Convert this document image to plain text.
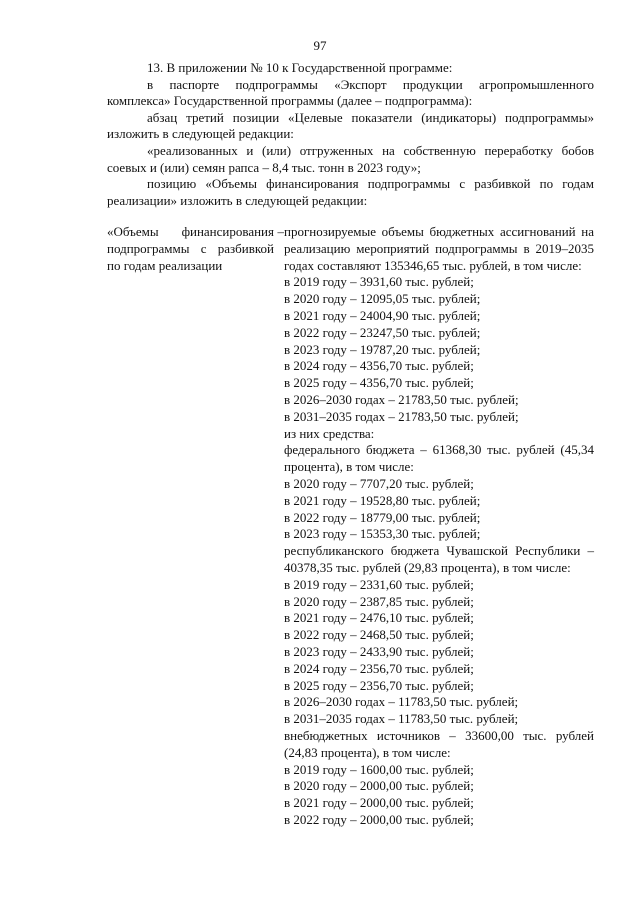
97

13. В приложении № 10 к Государственной программе:

в паспорте подпрограммы «Экспорт продукции агропромышленного комплекса» Государственной программы (далее – подпрограмма):

абзац третий позиции «Целевые показатели (индикаторы) подпрограммы» изложить в следующей редакции:

«реализованных и (или) отгруженных на собственную переработку бобов соевых и (или) семян рапса – 8,4 тыс. тонн в 2023 году»;

позицию «Объемы финансирования подпрограммы с разбивкой по годам реализации» изложить в следующей редакции:

«Объемы финансирования подпрограммы с разбивкой по годам реализации
– прогнозируемые объемы бюджетных ассигнований на реализацию мероприятий подпрограммы в 2019–2035 годах составляют 135346,65 тыс. рублей, в том числе:
в 2019 году – 3931,60 тыс. рублей;
в 2020 году – 12095,05 тыс. рублей;
в 2021 году – 24004,90 тыс. рублей;
в 2022 году – 23247,50 тыс. рублей;
в 2023 году – 19787,20 тыс. рублей;
в 2024 году – 4356,70 тыс. рублей;
в 2025 году – 4356,70 тыс. рублей;
в 2026–2030 годах – 21783,50 тыс. рублей;
в 2031–2035 годах – 21783,50 тыс. рублей;
из них средства:
федерального бюджета – 61368,30 тыс. рублей (45,34 процента), в том числе:
в 2020 году – 7707,20 тыс. рублей;
в 2021 году – 19528,80 тыс. рублей;
в 2022 году – 18779,00 тыс. рублей;
в 2023 году – 15353,30 тыс. рублей;
республиканского бюджета Чувашской Республики – 40378,35 тыс. рублей (29,83 процента), в том числе:
в 2019 году – 2331,60 тыс. рублей;
в 2020 году – 2387,85 тыс. рублей;
в 2021 году – 2476,10 тыс. рублей;
в 2022 году – 2468,50 тыс. рублей;
в 2023 году – 2433,90 тыс. рублей;
в 2024 году – 2356,70 тыс. рублей;
в 2025 году – 2356,70 тыс. рублей;
в 2026–2030 годах – 11783,50 тыс. рублей;
в 2031–2035 годах – 11783,50 тыс. рублей;
внебюджетных источников – 33600,00 тыс. рублей (24,83 процента), в том числе:
в 2019 году – 1600,00 тыс. рублей;
в 2020 году – 2000,00 тыс. рублей;
в 2021 году – 2000,00 тыс. рублей;
в 2022 году – 2000,00 тыс. рублей;
